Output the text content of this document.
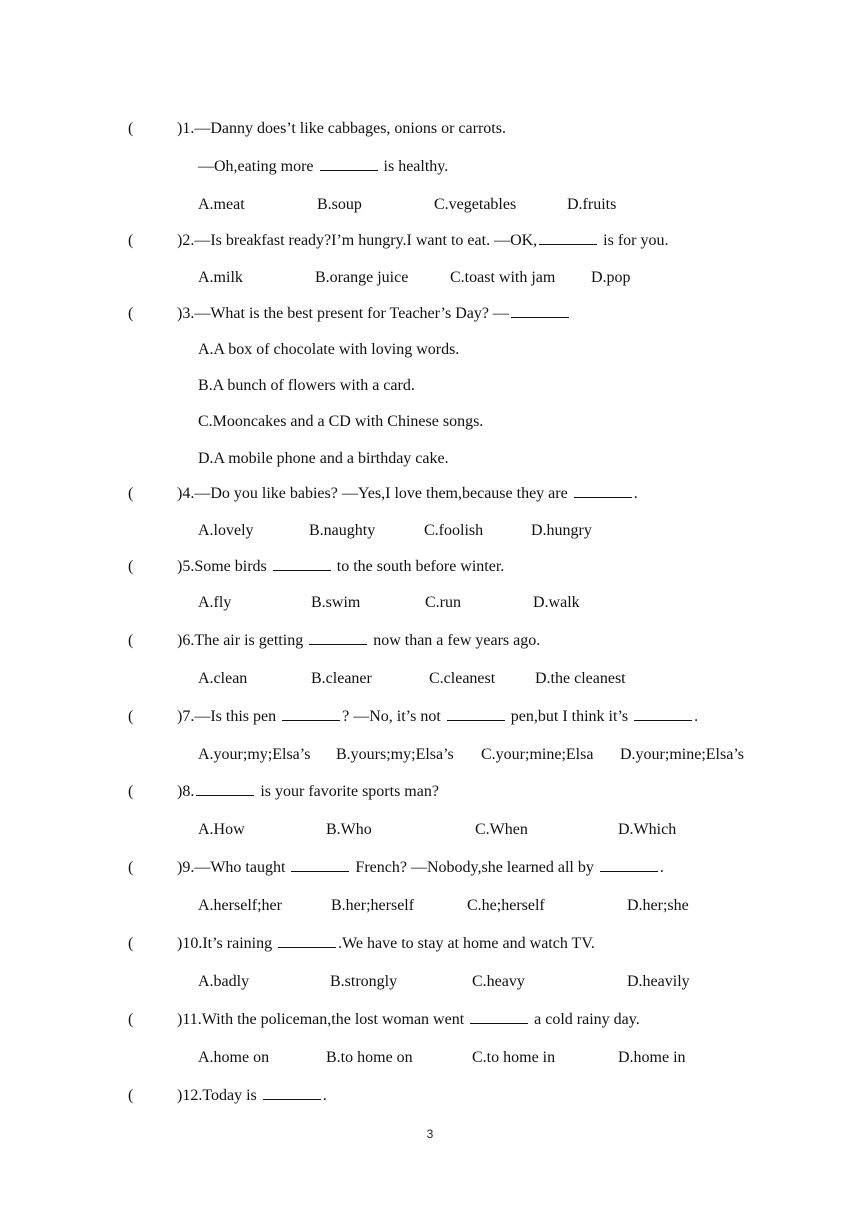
(	)1.—Danny does’t like cabbages, onions or carrots.
—Oh,eating more	is healthy.
A.meat	B.soup	C.vegetables	D.fruits
(	)2.—Is breakfast ready?I’m hungry.I want to eat. —OK,	is for you.
A.milk	B.orange juice	C.toast with jam D.pop
(	)3.—What is the best present for Teacher’s Day? —
A.A box of chocolate with loving words.
B.A bunch of flowers with a card.
C.Mooncakes and a CD with Chinese songs.
D.A mobile phone and a birthday cake.
(	)4.—Do you like babies? —Yes,I love them,because they are	.
A.lovely	B.naughty	C.foolish	D.hungry
(	)5.Some birds	to the south before winter.
A.fly	B.swim	C.run	D.walk
(	)6.The air is getting	now than a few years ago.
A.clean	B.cleaner	C.cleanest D.the cleanest
(	)7.—Is this pen	? —No, it’s not	pen,but I think it’s	.
A.your;my;Elsa’s B.yours;my;Elsa’s C.your;mine;Elsa D.your;mine;Elsa’s
(	)8.	is your favorite sports man?
A.How	B.Who	C.When	D.Which
(	)9.—Who taught	French? —Nobody,she learned all by	.
A.herself;her	B.her;herself	C.he;herself	D.her;she
(	)10.It’s raining	.We have to stay at home and watch TV.
A.badly	B.strongly	C.heavy	D.heavily
(	)11.With the policeman,the lost woman went	a cold rainy day.
A.home on	B.to home on	C.to home in	D.home in
(	)12.Today is	.
3
